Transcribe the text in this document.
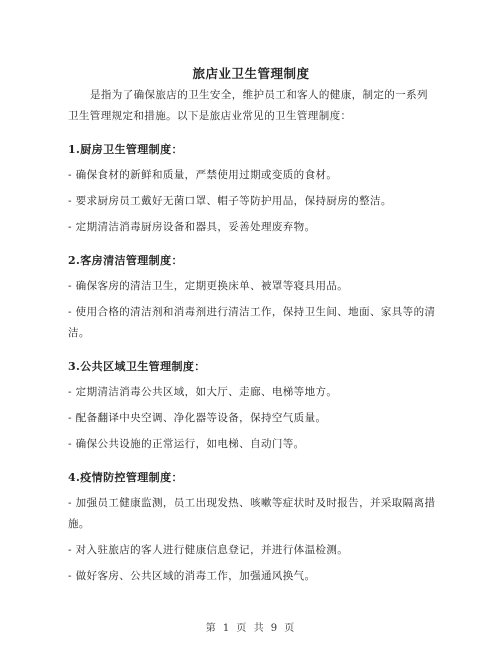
旅店业卫生管理制度

是指为了确保旅店的卫生安全，维护员工和客人的健康，制定的一系列卫生管理规定和措施。以下是旅店业常见的卫生管理制度：

1.厨房卫生管理制度：

- 确保食材的新鲜和质量，严禁使用过期或变质的食材。

- 要求厨房员工戴好无菌口罩、帽子等防护用品，保持厨房的整洁。

- 定期清洁消毒厨房设备和器具，妥善处理废弃物。

2.客房清洁管理制度：

- 确保客房的清洁卫生，定期更换床单、被罩等寝具用品。

- 使用合格的清洁剂和消毒剂进行清洁工作，保持卫生间、地面、家具等的清洁。

3.公共区域卫生管理制度：

- 定期清洁消毒公共区域，如大厅、走廊、电梯等地方。

- 配备翻译中央空调、净化器等设备，保持空气质量。

- 确保公共设施的正常运行，如电梯、自动门等。

4.疫情防控管理制度：

- 加强员工健康监测，员工出现发热、咳嗽等症状时及时报告，并采取隔离措施。

- 对入驻旅店的客人进行健康信息登记，并进行体温检测。

- 做好客房、公共区域的消毒工作，加强通风换气。

第 1 页 共 9 页
